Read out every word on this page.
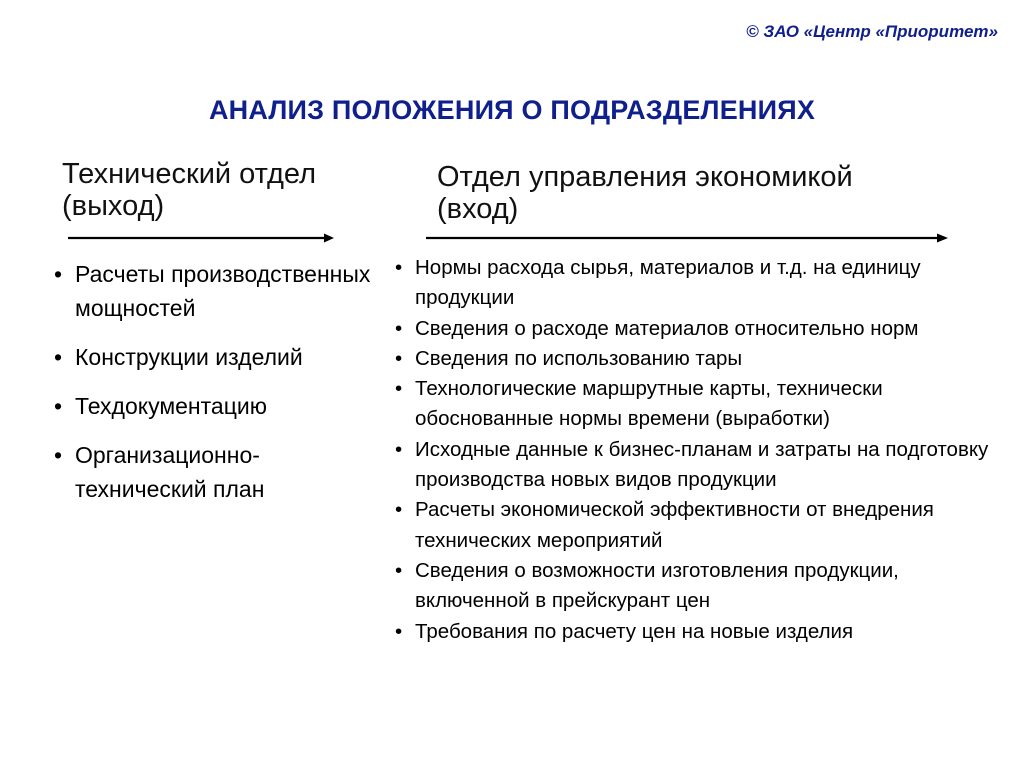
© ЗАО «Центр «Приоритет»
АНАЛИЗ ПОЛОЖЕНИЯ О ПОДРАЗДЕЛЕНИЯХ
Технический отдел
(выход)
Отдел управления экономикой
(вход)
• Расчеты производственных мощностей
• Конструкции изделий
• Техдокументацию
• Организационно-технический план
• Нормы расхода сырья, материалов и т.д. на единицу продукции
• Сведения о расходе материалов относительно норм
• Сведения по использованию тары
• Технологические маршрутные карты, технически обоснованные нормы времени (выработки)
• Исходные данные к бизнес-планам и затраты на подготовку производства новых видов продукции
• Расчеты экономической эффективности от внедрения технических мероприятий
• Сведения о возможности изготовления продукции, включенной в прейскурант цен
• Требования по расчету цен на новые изделия
